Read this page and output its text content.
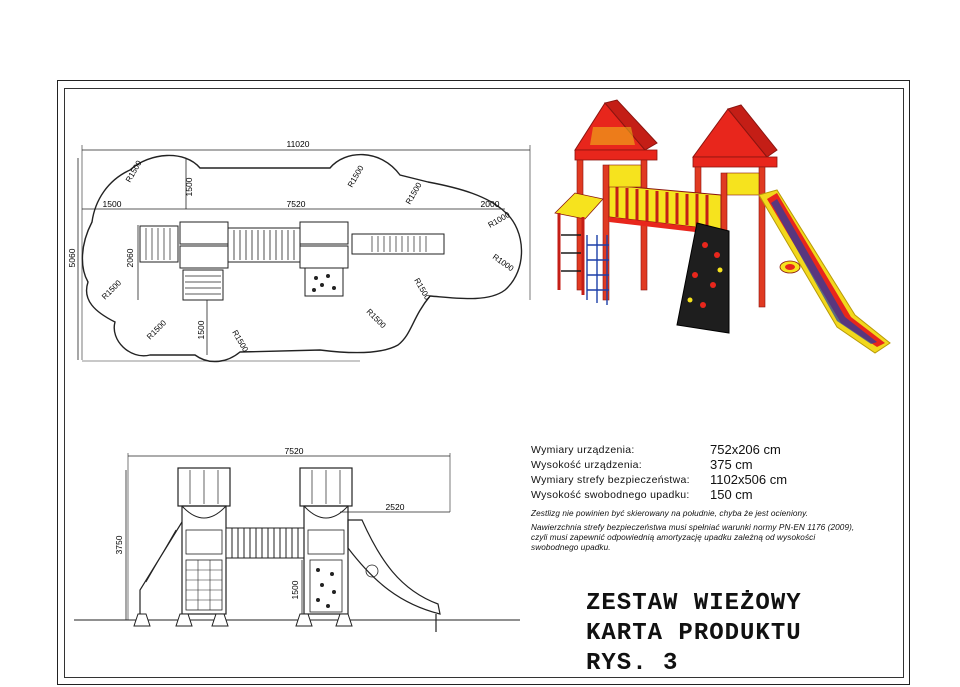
11020
1500
1500	7520	2000
5060	2060
1500
R1500	R1500
R1500
R1000
R1000
R1500
R1500	R1500
R1500
R1500
7520
2520
3750
1500
Wymiary urządzenia:	752x206 cm
Wysokość urządzenia:	375 cm
Wymiary strefy bezpieczeństwa: 1102x506 cm
Wysokość swobodnego upadku: 150 cm
Zestlizg nie powinien być skierowany na południe, chyba że jest ocieniony.
Nawierzchnia strefy bezpieczeństwa musi spełniać warunki normy PN-EN 1176 (2009),
czyli musi zapewnić odpowiednią amortyzację upadku zależną od wysokości
swobodnego upadku.
ZESTAW WIEŻOWY
KARTA PRODUKTU
RYS. 3
